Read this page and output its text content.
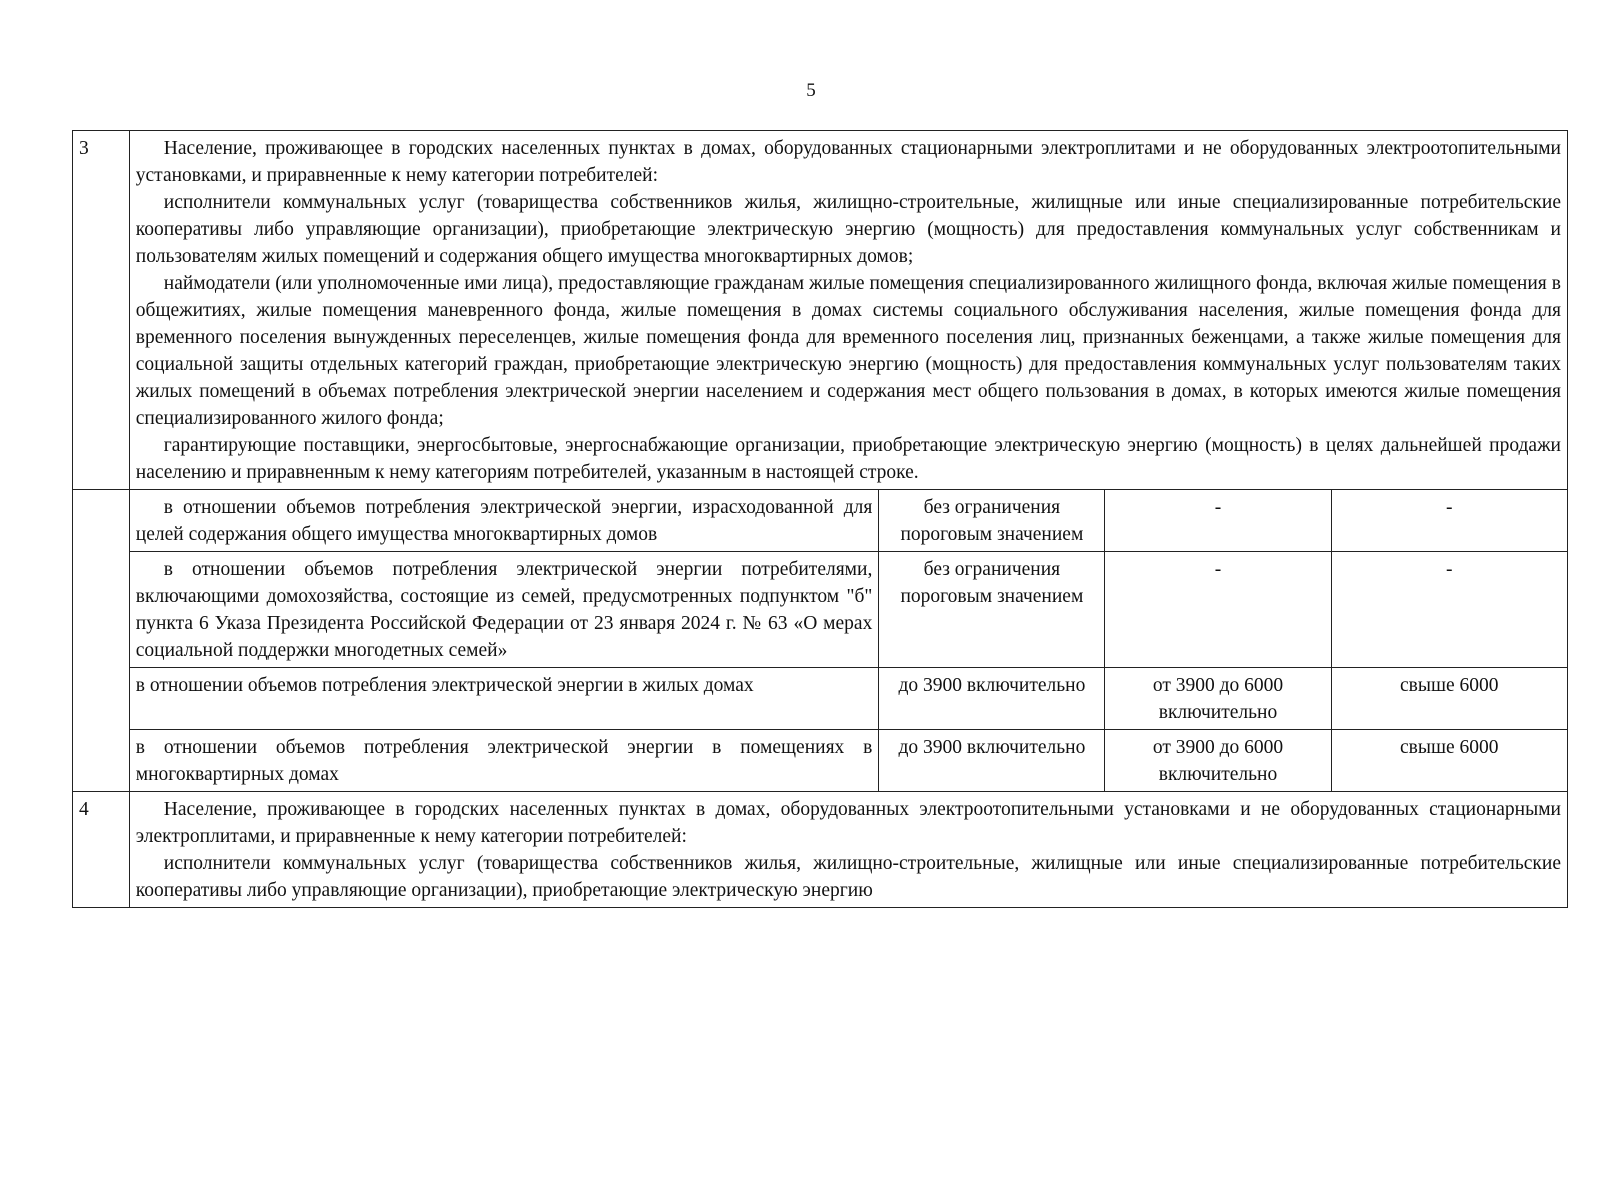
5
3	Население, проживающее в городских населенных пунктах в домах, оборудованных стационарными электроплитами и не оборудованных электроотопительными установками, и приравненные к нему категории потребителей:

исполнители коммунальных услуг (товарищества собственников жилья, жилищно-строительные, жилищные или иные специализированные потребительские кооперативы либо управляющие организации), приобретающие электрическую энергию (мощность) для предоставления коммунальных услуг собственникам и пользователям жилых помещений и содержания общего имущества многоквартирных домов;

наймодатели (или уполномоченные ими лица), предоставляющие гражданам жилые помещения специализированного жилищного фонда, включая жилые помещения в общежитиях, жилые помещения маневренного фонда, жилые помещения в домах системы социального обслуживания населения, жилые помещения фонда для временного поселения вынужденных переселенцев, жилые помещения фонда для временного поселения лиц, признанных беженцами, а также жилые помещения для социальной защиты отдельных категорий граждан, приобретающие электрическую энергию (мощность) для предоставления коммунальных услуг пользователям таких жилых помещений в объемах потребления электрической энергии населением и содержания мест общего пользования в домах, в которых имеются жилые помещения специализированного жилого фонда;

гарантирующие поставщики, энергосбытовые, энергоснабжающие организации, приобретающие электрическую энергию (мощность) в целях дальнейшей продажи населению и приравненным к нему категориям потребителей, указанным в настоящей строке.			

	в отношении объемов потребления электрической энергии, израсходованной для целей содержания общего имущества многоквартирных домов	без ограничения пороговым значением	-	-

	в отношении объемов потребления электрической энергии потребителями, включающими домохозяйства, состоящие из семей, предусмотренных подпунктом "б" пункта 6 Указа Президента Российской Федерации от 23 января 2024 г. № 63 «О мерах социальной поддержки многодетных семей»	без ограничения пороговым значением	-	-

	в отношении объемов потребления электрической энергии в жилых домах	до 3900 включительно	от 3900 до 6000 включительно	свыше 6000

	в отношении объемов потребления электрической энергии в помещениях в многоквартирных домах	до 3900 включительно	от 3900 до 6000 включительно	свыше 6000
4	Население, проживающее в городских населенных пунктах в домах, оборудованных электроотопительными установками и не оборудованных стационарными электроплитами, и приравненные к нему категории потребителей:

исполнители коммунальных услуг (товарищества собственников жилья, жилищно-строительные, жилищные или иные специализированные потребительские кооперативы либо управляющие организации), приобретающие электрическую энергию			
